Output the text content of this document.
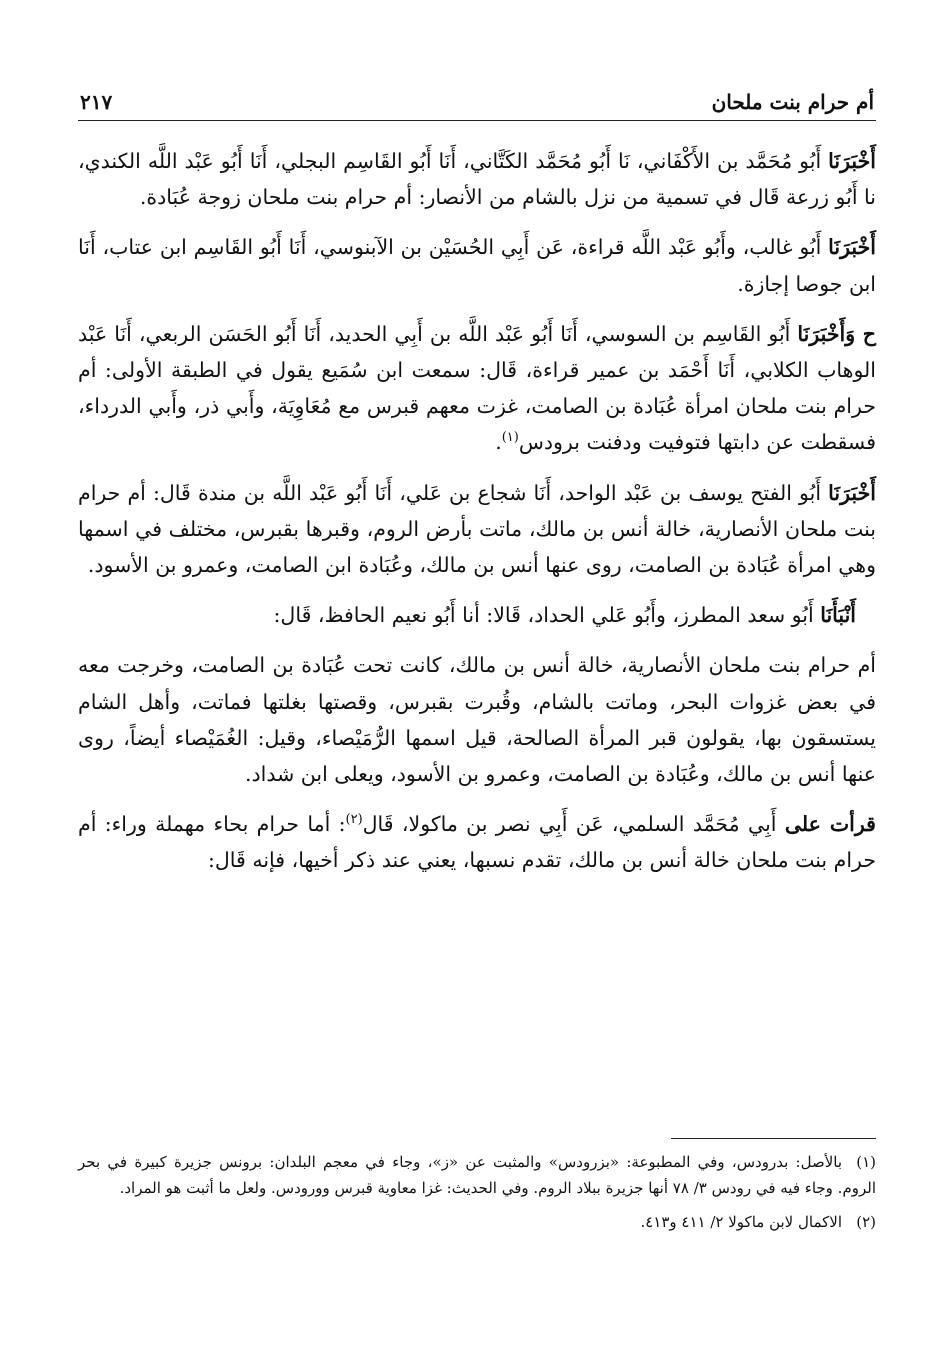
أم حرام بنت ملحان
٢١٧

أَخْبَرَنَا أَبُو مُحَمَّد بن الأَكْفَاني، نَا أَبُو مُحَمَّد الكَتَّاني، أَنَا أَبُو القَاسِم البجلي، أَنَا أَبُو عَبْد اللَّه الكندي، نا أَبُو زرعة قَال في تسمية من نزل بالشام من الأنصار: أم حرام بنت ملحان زوجة عُبَادة.

أَخْبَرَنَا أَبُو غالب، وأَبُو عَبْد اللَّه قراءة، عَن أَبِي الحُسَيْن بن الآبنوسي، أَنَا أَبُو القَاسِم ابن عتاب، أَنَا ابن جوصا إجازة.

ح وَأَخْبَرَنَا أَبُو القَاسِم بن السوسي، أَنَا أَبُو عَبْد اللَّه بن أَبِي الحديد، أَنَا أَبُو الحَسَن الربعي، أَنَا عَبْد الوهاب الكلابي، أَنَا أَحْمَد بن عمير قراءة، قَال: سمعت ابن سُمَيع يقول في الطبقة الأولى: أم حرام بنت ملحان امرأة عُبَادة بن الصامت، غزت معهم قبرس مع مُعَاوِيَة، وأَبي ذر، وأَبي الدرداء، فسقطت عن دابتها فتوفيت ودفنت برودس$^{(١)}$.

أَخْبَرَنَا أَبُو الفتح يوسف بن عَبْد الواحد، أَنَا شجاع بن عَلي، أَنَا أَبُو عَبْد اللَّه بن مندة قَال: أم حرام بنت ملحان الأنصارية، خالة أنس بن مالك، ماتت بأرض الروم، وقبرها بقبرس، مختلف في اسمها وهي امرأة عُبَادة بن الصامت، روى عنها أنس بن مالك، وعُبَادة ابن الصامت، وعمرو بن الأسود.

أَنْبَأَنَا أَبُو سعد المطرز، وأَبُو عَلي الحداد، قَالا: أنا أَبُو نعيم الحافظ، قَال:

أم حرام بنت ملحان الأنصارية، خالة أنس بن مالك، كانت تحت عُبَادة بن الصامت، وخرجت معه في بعض غزوات البحر، وماتت بالشام، وقُبرت بقبرس، وقصتها بغلتها فماتت، وأهل الشام يستسقون بها، يقولون قبر المرأة الصالحة، قيل اسمها الرُّمَيْصاء، وقيل: الغُمَيْصاء أيضاً، روى عنها أنس بن مالك، وعُبَادة بن الصامت، وعمرو بن الأسود، ويعلى ابن شداد.

قرأت على أَبِي مُحَمَّد السلمي، عَن أَبِي نصر بن ماكولا، قَال$^{(٢)}$: أما حرام بحاء مهملة وراء: أم حرام بنت ملحان خالة أنس بن مالك، تقدم نسبها، يعني عند ذكر أخيها، فإنه قَال:

(١)بالأصل: بدرودس، وفي المطبوعة: «بزرودس» والمثبت عن «ز»، وجاء في معجم البلدان: برونس جزيرة كبيرة في بحر الروم. وجاء فيه في رودس ٣/ ٧٨ أنها جزيرة ببلاد الروم. وفي الحديث: غزا معاوية قبرس وورودس. ولعل ما أثبت هو المراد.

(٢)الاكمال لابن ماكولا ٢/ ٤١١ و٤١٣.
